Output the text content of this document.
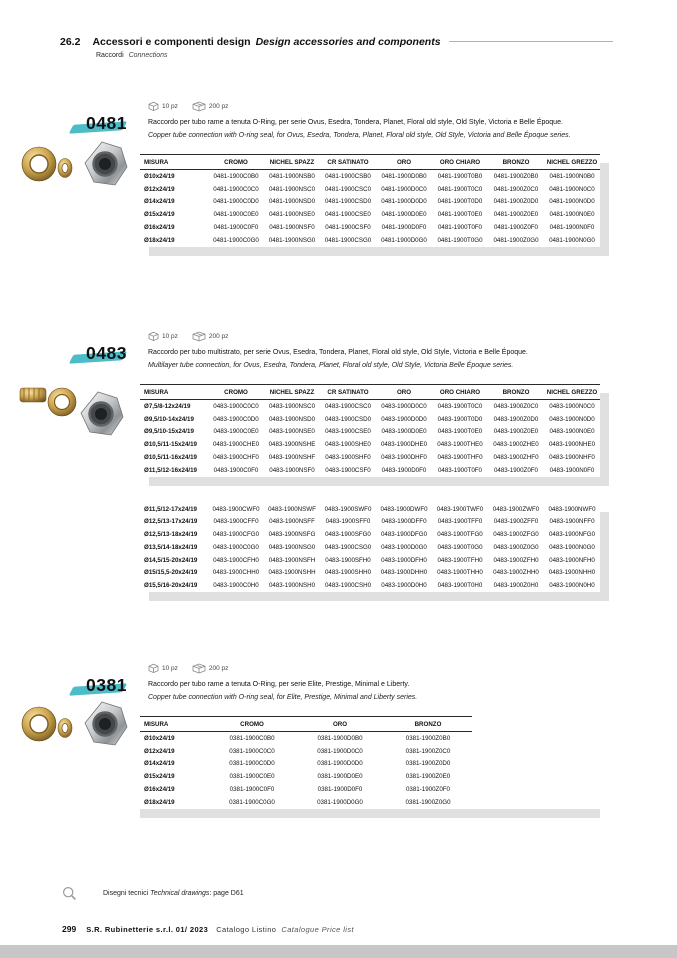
26.2 Accessori e componenti design Design accessories and components
Raccordi Connections
10 pz	200 pz
0481	Raccordo per tubo rame a tenuta O-Ring, per serie Ovus, Esedra, Tondera, Planet, Floral old style, Old Style, Victoria e Belle Époque.

Copper tube connection with O-ring seal, for Ovus, Esedra, Tondera, Planet, Floral old style, Old Style, Victoria and Belle Époque series.

MISURA	CROMO	NICHEL SPAZZ	CR SATINATO	ORO	ORO CHIARO	BRONZO	NICHEL GREZZO
Ø10x24/19	0481-1900C0B0	0481-1900NSB0	0481-1900CSB0	0481-1900D0B0	0481-1900T0B0	0481-1900Z0B0	0481-1900N0B0
Ø12x24/19	0481-1900C0C0	0481-1900NSC0	0481-1900CSC0	0481-1900D0C0	0481-1900T0C0	0481-1900Z0C0	0481-1900N0C0
Ø14x24/19	0481-1900C0D0	0481-1900NSD0	0481-1900CSD0	0481-1900D0D0	0481-1900T0D0	0481-1900Z0D0	0481-1900N0D0
Ø15x24/19	0481-1900C0E0	0481-1900NSE0	0481-1900CSE0	0481-1900D0E0	0481-1900T0E0	0481-1900Z0E0	0481-1900N0E0
Ø16x24/19	0481-1900C0F0	0481-1900NSF0	0481-1900CSF0	0481-1900D0F0	0481-1900T0F0	0481-1900Z0F0	0481-1900N0F0
Ø18x24/19	0481-1900C0G0	0481-1900NSG0	0481-1900CSG0	0481-1900D0G0	0481-1900T0G0	0481-1900Z0G0	0481-1900N0G0
10 pz	200 pz
0483	Raccordo per tubo multistrato, per serie Ovus, Esedra, Tondera, Planet, Floral old style, Old Style, Victoria e Belle Époque.

Multilayer tube connection, for Ovus, Esedra, Tondera, Planet, Floral old style, Old Style, Victoria Belle Époque series.

MISURA	CROMO	NICHEL SPAZZ	CR SATINATO	ORO	ORO CHIARO	BRONZO	NICHEL GREZZO
Ø7,5/8-12x24/19	0483-1900C0C0	0483-1900NSC0	0483-1900CSC0	0483-1900D0C0	0483-1900T0C0	0483-1900Z0C0	0483-1900N0C0
Ø9,5/10-14x24/19	0483-1900C0D0	0483-1900NSD0	0483-1900CSD0	0483-1900D0D0	0483-1900T0D0	0483-1900Z0D0	0483-1900N0D0
Ø9,5/10-15x24/19	0483-1900C0E0	0483-1900NSE0	0483-1900CSE0	0483-1900D0E0	0483-1900T0E0	0483-1900Z0E0	0483-1900N0E0
Ø10,5/11-15x24/19	0483-1900CHE0	0483-1900NSHE	0483-1900SHE0	0483-1900DHE0	0483-1900THE0	0483-1900ZHE0	0483-1900NHE0
Ø10,5/11-16x24/19	0483-1900CHF0	0483-1900NSHF	0483-1900SHF0	0483-1900DHF0	0483-1900THF0	0483-1900ZHF0	0483-1900NHF0
Ø11,5/12-16x24/19	0483-1900C0F0	0483-1900NSF0	0483-1900CSF0	0483-1900D0F0	0483-1900T0F0	0483-1900Z0F0	0483-1900N0F0
Ø11,5/12-17x24/19	0483-1900CWF0	0483-1900NSWF	0483-1900SWF0	0483-1900DWF0	0483-1900TWF0	0483-1900ZWF0	0483-1900NWF0
Ø12,5/13-17x24/19	0483-1900CFF0	0483-1900NSFF	0483-1900SFF0	0483-1900DFF0	0483-1900TFF0	0483-1900ZFF0	0483-1900NFF0
Ø12,5/13-18x24/19	0483-1900CFG0	0483-1900NSFG	0483-1900SFG0	0483-1900DFG0	0483-1900TFG0	0483-1900ZFG0	0483-1900NFG0
Ø13,5/14-18x24/19	0483-1900C0G0	0483-1900NSG0	0483-1900CSG0	0483-1900D0G0	0483-1900T0G0	0483-1900Z0G0	0483-1900N0G0
Ø14,5/15-20x24/19	0483-1900CFH0	0483-1900NSFH	0483-1900SFH0	0483-1900DFH0	0483-1900TFH0	0483-1900ZFH0	0483-1900NFH0
Ø15/15,5-20x24/19	0483-1900CHH0	0483-1900NSHH	0483-1900SHH0	0483-1900DHH0	0483-1900THH0	0483-1900ZHH0	0483-1900NHH0
Ø15,5/16-20x24/19	0483-1900C0H0	0483-1900NSH0	0483-1900CSH0	0483-1900D0H0	0483-1900T0H0	0483-1900Z0H0	0483-1900N0H0
10 pz	200 pz
0381	Raccordo per tubo rame a tenuta O-Ring, per serie Elite, Prestige, Minimal e Liberty.

Copper tube connection with O-ring seal, for Elite, Prestige, Minimal and Liberty series.

MISURA	CROMO	ORO	BRONZO
Ø10x24/19	0381-1900C0B0	0381-1900D0B0	0381-1900Z0B0
Ø12x24/19	0381-1900C0C0	0381-1900D0C0	0381-1900Z0C0
Ø14x24/19	0381-1900C0D0	0381-1900D0D0	0381-1900Z0D0
Ø15x24/19	0381-1900C0E0	0381-1900D0E0	0381-1900Z0E0
Ø16x24/19	0381-1900C0F0	0381-1900D0F0	0381-1900Z0F0
Ø18x24/19	0381-1900C0G0	0381-1900D0G0	0381-1900Z0G0
Disegni tecnici Technical drawings: page D61
299 S.R. Rubinetterie s.r.l. 01/ 2023 Catalogo Listino Catalogue Price list
